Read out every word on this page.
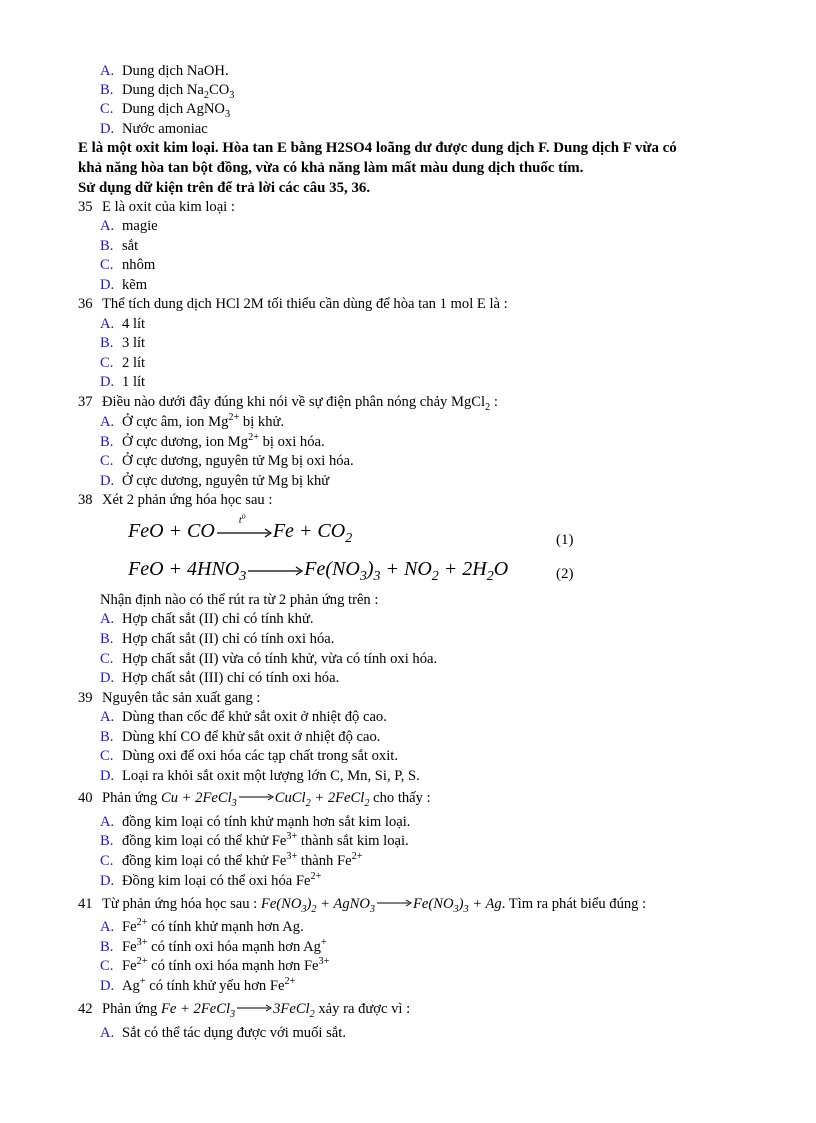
A. Dung dịch NaOH.
B. Dung dịch $Na_2CO_3$
C. Dung dịch AgNO$_3$
D. Nước amoniac
E là một oxit kim loại. Hòa tan E bằng H2SO4 loãng dư được dung dịch F. Dung dịch F vừa có
khả năng hòa tan bột đồng, vừa có khả năng làm mất màu dung dịch thuốc tím.
Sử dụng dữ kiện trên để trả lời các câu 35, 36.
35 E là oxit của kim loại :
A. magie
B. sắt
C. nhôm
D. kẽm
36 Thể tích dung dịch HCl 2M tối thiểu cần dùng để hòa tan 1 mol E là :
A. 4 lít
B. 3 lít
C. 2 lít
D. 1 lít
37 Điều nào dưới đây đúng khi nói về sự điện phân nóng chảy MgCl$_2$ :
A. Ở cực âm, ion $Mg^{2+}$ bị khử.
B. Ở cực dương, ion $Mg^{2+}$ bị oxi hóa.
C. Ở cực dương, nguyên tử Mg bị oxi hóa.
D. Ở cực dương, nguyên tử Mg bị khử
38 Xét 2 phản ứng hóa học sau :
FeO + CO $t^o$
$Fe + CO_2$	(1)
FeO + $4HNO_3$	$Fe(NO_3)_3 + NO_2 + 2H_2O$	(2)
Nhận định nào có thể rút ra từ 2 phản ứng trên :
A. Hợp chất sắt (II) chỉ có tính khử.
B. Hợp chất sắt (II) chỉ có tính oxi hóa.
C. Hợp chất sắt (II) vừa có tính khử, vừa có tính oxi hóa.
D. Hợp chất sắt (III) chỉ có tính oxi hóa.
39 Nguyên tắc sản xuất gang :
A. Dùng than cốc để khử sắt oxit ở nhiệt độ cao.
B. Dùng khí CO để khử sắt oxit ở nhiệt độ cao.
C. Dùng oxi để oxi hóa các tạp chất trong sắt oxit.
D. Loại ra khỏi sắt oxit một lượng lớn C, Mn, Si, P, S.
40 Phản ứng Cu + 2FeCl$_3$	CuCl$_2$ + 2FeCl$_2$ cho thấy :
A. đồng kim loại có tính khử mạnh hơn sắt kim loại.
B. đồng kim loại có thể khử $Fe^{3+}$ thành sắt kim loại.
C. đồng kim loại có thể khử $Fe^{3+}$ thành $Fe^{2+}$
D. Đồng kim loại có thể oxi hóa $Fe^{2+}$
41 Từ phản ứng hóa học sau : $Fe(NO_3)_2$ + AgNO$_3$	$Fe(NO_3)_3 + Ag$. Tìm ra phát biểu đúng :
A. $Fe^{2+}$ có tính khử mạnh hơn Ag.
B. $Fe^{3+}$ có tính oxi hóa mạnh hơn Ag+
C. $Fe^{2+}$ có tính oxi hóa mạnh hơn $Fe^{3+}$
D. Ag+ có tính khử yếu hơn $Fe^{2+}$
42 Phản ứng Fe + 2FeCl$_3$	3FeCl$_2$ xảy ra được vì :
A. Sắt có thể tác dụng được với muối sắt.
